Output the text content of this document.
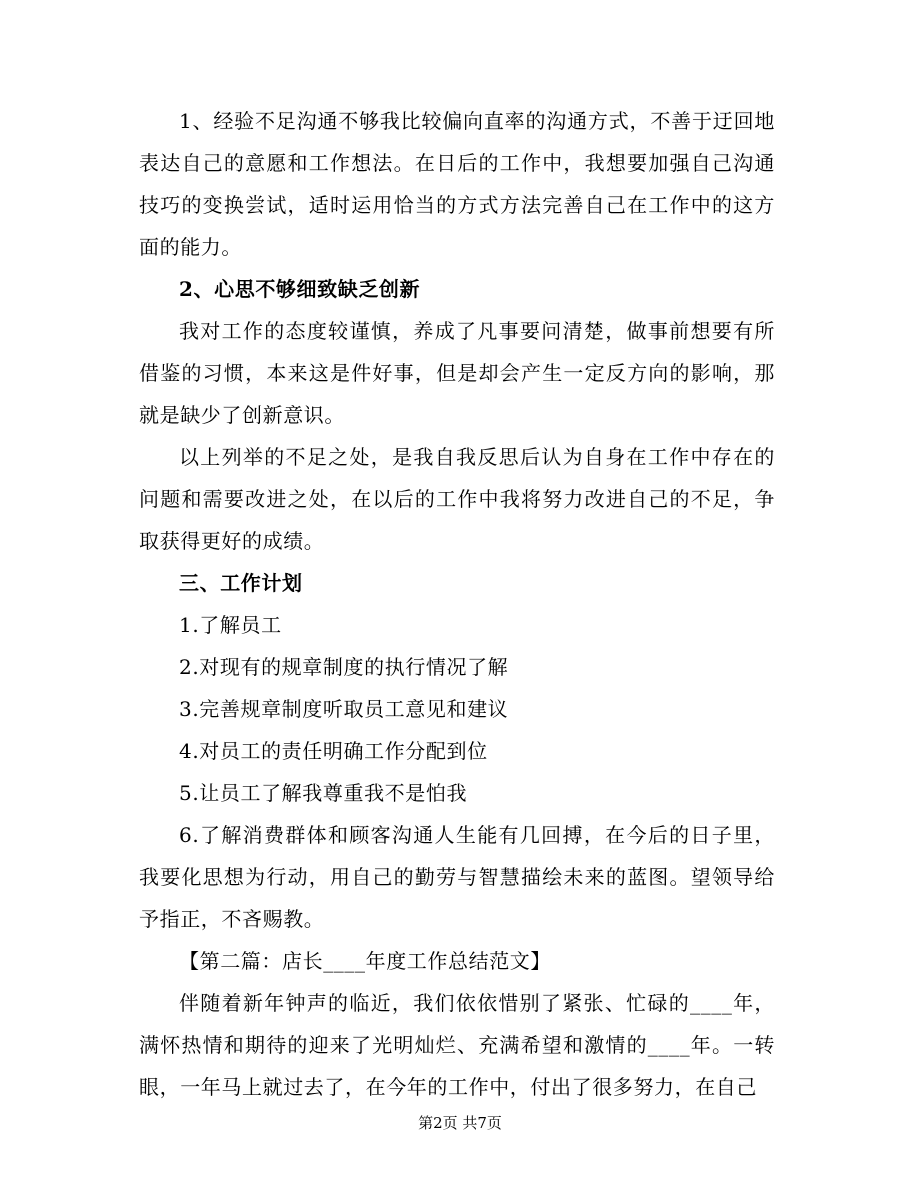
1、经验不足沟通不够我比较偏向直率的沟通方式，不善于迂回地表达自己的意愿和工作想法。在日后的工作中，我想要加强自己沟通技巧的变换尝试，适时运用恰当的方式方法完善自己在工作中的这方面的能力。

2、心思不够细致缺乏创新

我对工作的态度较谨慎，养成了凡事要问清楚，做事前想要有所借鉴的习惯，本来这是件好事，但是却会产生一定反方向的影响，那就是缺少了创新意识。

以上列举的不足之处，是我自我反思后认为自身在工作中存在的问题和需要改进之处，在以后的工作中我将努力改进自己的不足，争取获得更好的成绩。

三、工作计划

1.了解员工

2.对现有的规章制度的执行情况了解

3.完善规章制度听取员工意见和建议

4.对员工的责任明确工作分配到位

5.让员工了解我尊重我不是怕我

6.了解消费群体和顾客沟通人生能有几回搏，在今后的日子里，我要化思想为行动，用自己的勤劳与智慧描绘未来的蓝图。望领导给予指正，不吝赐教。

【第二篇：店长____年度工作总结范文】

伴随着新年钟声的临近，我们依依惜别了紧张、忙碌的____年，满怀热情和期待的迎来了光明灿烂、充满希望和激情的____年。一转眼，一年马上就过去了，在今年的工作中，付出了很多努力，在自己

第2页 共7页
